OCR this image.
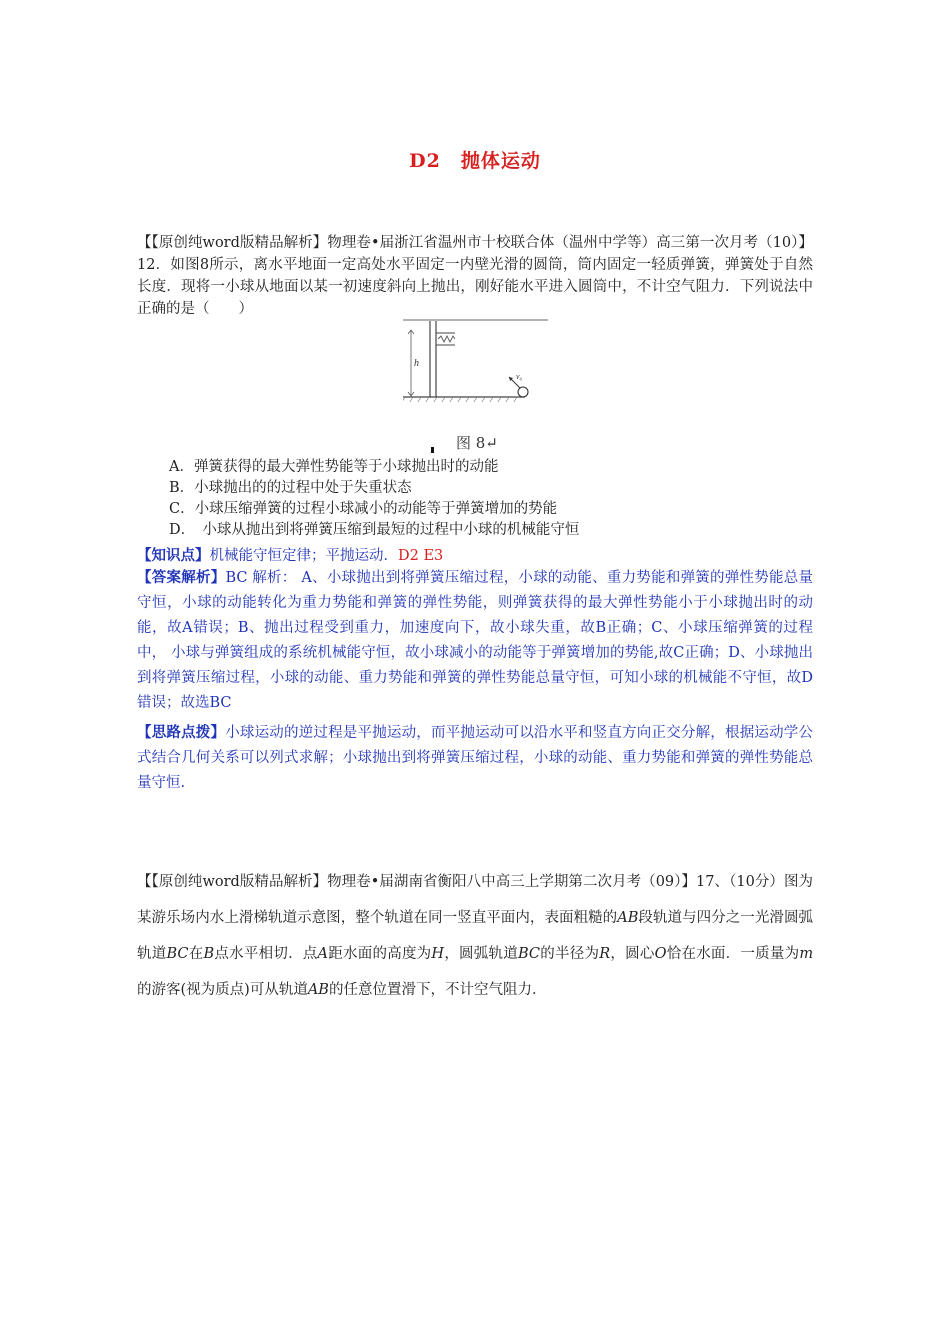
D2　抛体运动
【【原创纯word版精品解析】物理卷•届浙江省温州市十校联合体（温州中学等）高三第一次月考（10）】12．如图8所示，离水平地面一定高处水平固定一内壁光滑的圆筒，筒内固定一轻质弹簧，弹簧处于自然长度．现将一小球从地面以某一初速度斜向上抛出，刚好能水平进入圆筒中，不计空气阻力．下列说法中正确的是（　　）
h
v₀
图 8↵
A．弹簧获得的最大弹性势能等于小球抛出时的动能
B．小球抛出的的过程中处于失重状态
C．小球压缩弹簧的过程小球减小的动能等于弹簧增加的势能
D．　小球从抛出到将弹簧压缩到最短的过程中小球的机械能守恒
【知识点】机械能守恒定律；平抛运动．D2 E3
【答案解析】BC 解析： A、小球抛出到将弹簧压缩过程，小球的动能、重力势能和弹簧的弹性势能总量守恒，小球的动能转化为重力势能和弹簧的弹性势能，则弹簧获得的最大弹性势能小于小球抛出时的动能，故A错误；B、抛出过程受到重力，加速度向下，故小球失重，故B正确；C、小球压缩弹簧的过程中， 小球与弹簧组成的系统机械能守恒，故小球减小的动能等于弹簧增加的势能,故C正确；D、小球抛出到将弹簧压缩过程，小球的动能、重力势能和弹簧的弹性势能总量守恒，可知小球的机械能不守恒，故D错误；故选BC
【思路点拨】小球运动的逆过程是平抛运动，而平抛运动可以沿水平和竖直方向正交分解，根据运动学公式结合几何关系可以列式求解；小球抛出到将弹簧压缩过程，小球的动能、重力势能和弹簧的弹性势能总量守恒.
【【原创纯word版精品解析】物理卷•届湖南省衡阳八中高三上学期第二次月考（09）】17、（10分）图为某游乐场内水上滑梯轨道示意图，整个轨道在同一竖直平面内，表面粗糙的AB段轨道与四分之一光滑圆弧轨道BC在B点水平相切．点A距水面的高度为H，圆弧轨道BC的半径为R，圆心O恰在水面．一质量为m的游客(视为质点)可从轨道AB的任意位置滑下，不计空气阻力．
